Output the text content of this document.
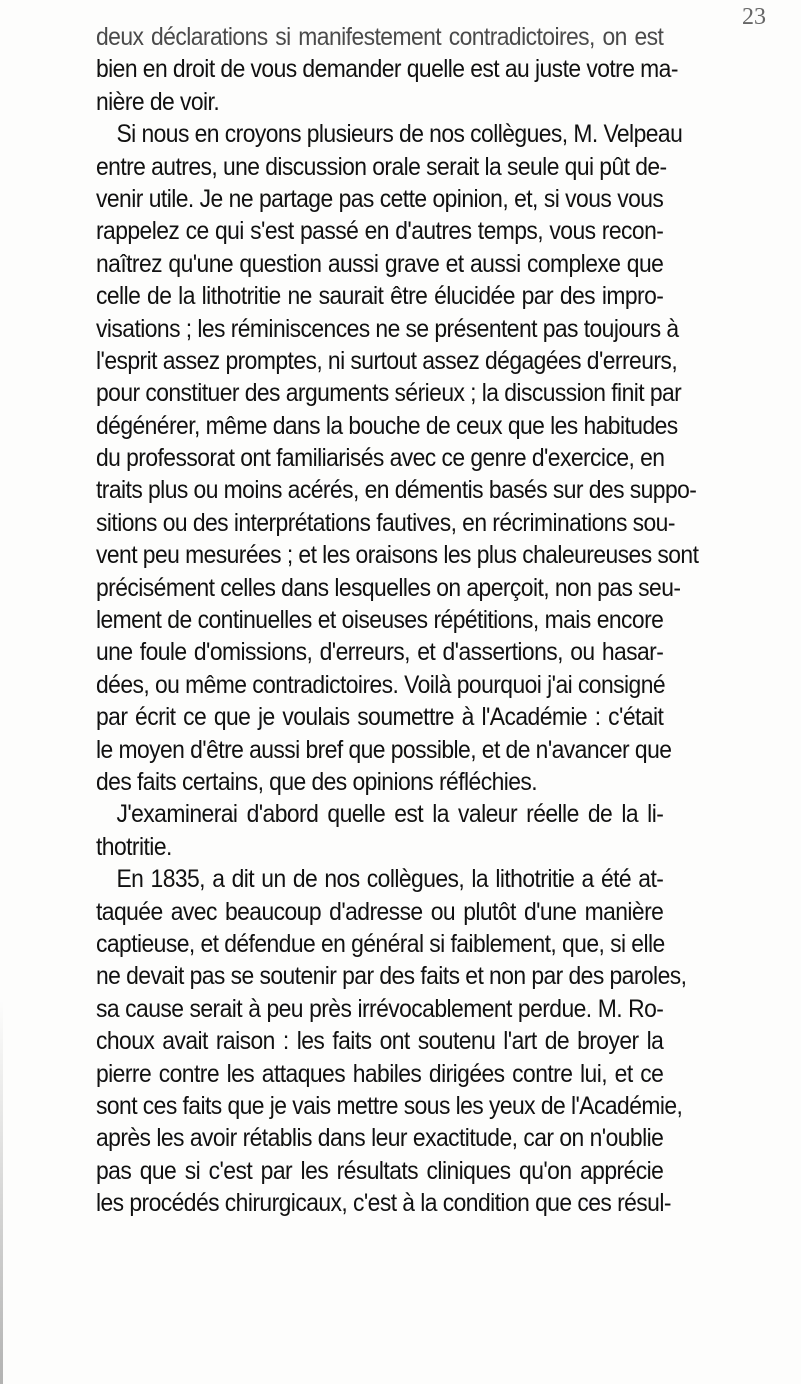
23
deux déclarations si manifestement contradictoires, on est
bien en droit de vous demander quelle est au juste votre ma-
nière de voir.
Si nous en croyons plusieurs de nos collègues, M. Velpeau
entre autres, une discussion orale serait la seule qui pût de-
venir utile. Je ne partage pas cette opinion, et, si vous vous
rappelez ce qui s'est passé en d'autres temps, vous recon-
naîtrez qu'une question aussi grave et aussi complexe que
celle de la lithotritie ne saurait être élucidée par des impro-
visations ; les réminiscences ne se présentent pas toujours à
l'esprit assez promptes, ni surtout assez dégagées d'erreurs,
pour constituer des arguments sérieux ; la discussion finit par
dégénérer, même dans la bouche de ceux que les habitudes
du professorat ont familiarisés avec ce genre d'exercice, en
traits plus ou moins acérés, en démentis basés sur des suppo-
sitions ou des interprétations fautives, en récriminations sou-
vent peu mesurées ; et les oraisons les plus chaleureuses sont
précisément celles dans lesquelles on aperçoit, non pas seu-
lement de continuelles et oiseuses répétitions, mais encore
une foule d'omissions, d'erreurs, et d'assertions, ou hasar-
dées, ou même contradictoires. Voilà pourquoi j'ai consigné
par écrit ce que je voulais soumettre à l'Académie : c'était
le moyen d'être aussi bref que possible, et de n'avancer que
des faits certains, que des opinions réfléchies.
J'examinerai d'abord quelle est la valeur réelle de la li-
thotritie.
En 1835, a dit un de nos collègues, la lithotritie a été at-
taquée avec beaucoup d'adresse ou plutôt d'une manière
captieuse, et défendue en général si faiblement, que, si elle
ne devait pas se soutenir par des faits et non par des paroles,
sa cause serait à peu près irrévocablement perdue. M. Ro-
choux avait raison : les faits ont soutenu l'art de broyer la
pierre contre les attaques habiles dirigées contre lui, et ce
sont ces faits que je vais mettre sous les yeux de l'Académie,
après les avoir rétablis dans leur exactitude, car on n'oublie
pas que si c'est par les résultats cliniques qu'on apprécie
les procédés chirurgicaux, c'est à la condition que ces résul-
